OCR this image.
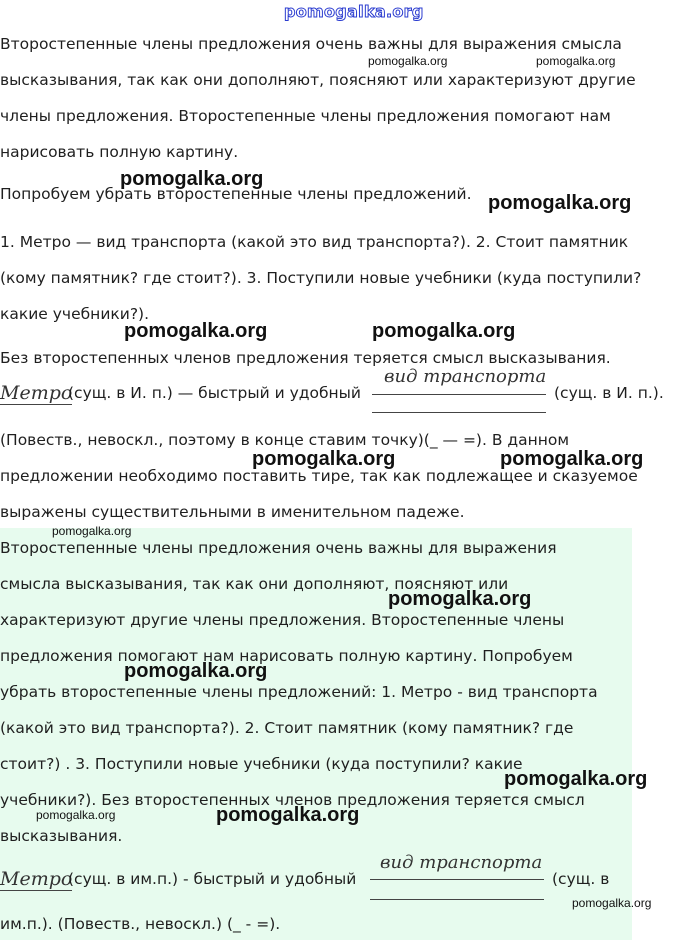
pomogalka.org

Второстепенные члены предложения очень важны для выражения смысла высказывания, так как они дополняют, поясняют или характеризуют другие члены предложения. Второстепенные члены предложения помогают нам нарисовать полную картину.

Попробуем убрать второстепенные члены предложений.

1. Метро — вид транспорта (какой это вид транспорта?). 2. Стоит памятник (кому памятник? где стоит?). 3. Поступили новые учебники (куда поступили? какие учебники?).

Без второстепенных членов предложения теряется смысл высказывания.

Метро
(сущ. в И. п.) — быстрый и удобный
вид транспорта
(сущ. в И. п.).

(Повеств., невоскл., поэтому в конце ставим точку)(_ — =). В данном предложении необходимо поставить тире, так как подлежащее и сказуемое выражены существительными в именительном падеже.

Второстепенные члены предложения очень важны для выражения смысла высказывания, так как они дополняют, поясняют или характеризуют другие члены предложения. Второстепенные члены предложения помогают нам нарисовать полную картину. Попробуем убрать второстепенные члены предложений: 1. Метро - вид транспорта (какой это вид транспорта?). 2. Стоит памятник (кому памятник? где стоит?) . 3. Поступили новые учебники (куда поступили? какие учебники?). Без второстепенных членов предложения теряется смысл высказывания.

Метро
(сущ. в им.п.) - быстрый и удобный
вид транспорта
(сущ. в

им.п.). (Повеств., невоскл.) (_ - =).

pomogalka.org	pomogalka.org
pomogalka.org
pomogalka.org
pomogalka.org	pomogalka.org
pomogalka.org	pomogalka.org
pomogalka.org
pomogalka.org
pomogalka.org
pomogalka.org
pomogalka.org	pomogalka.org
pomogalka.org
